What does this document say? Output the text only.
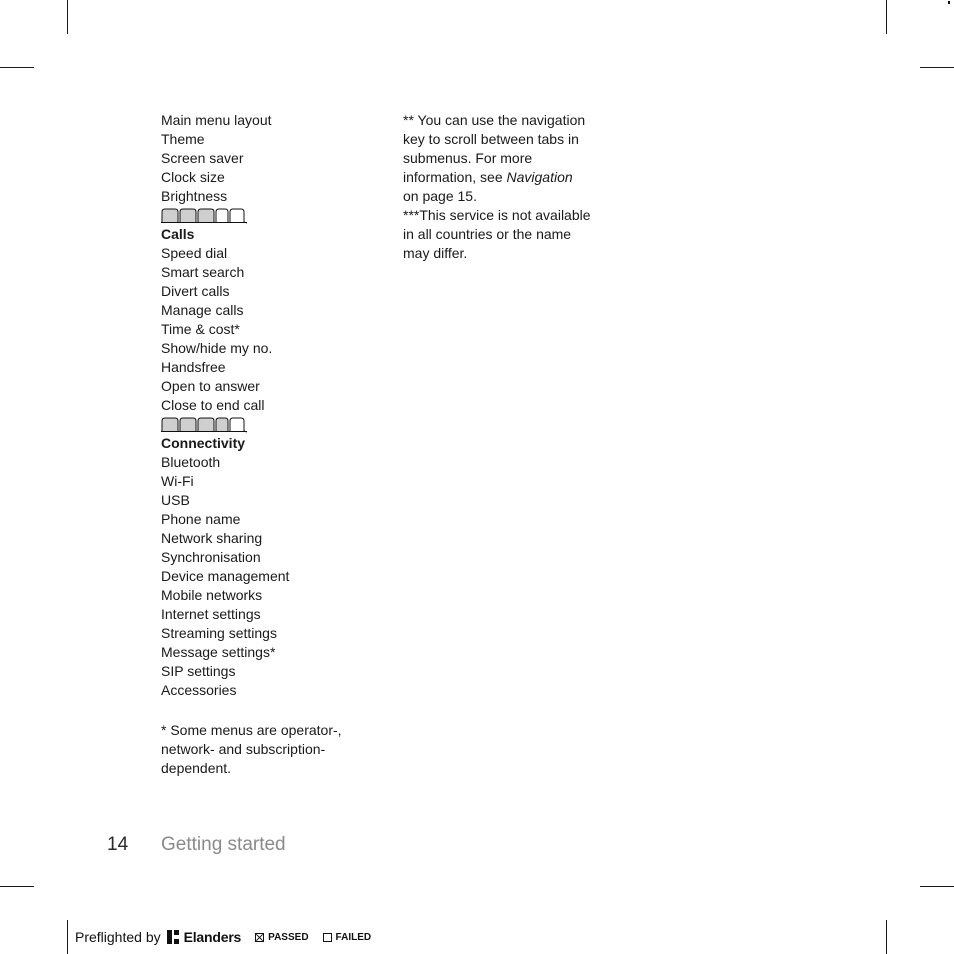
Main menu layout
Theme
Screen saver
Clock size
Brightness
Calls
Speed dial
Smart search
Divert calls
Manage calls
Time & cost*
Show/hide my no.
Handsfree
Open to answer
Close to end call
Connectivity
Bluetooth
Wi-Fi
USB
Phone name
Network sharing
Synchronisation
Device management
Mobile networks
Internet settings
Streaming settings
Message settings*
SIP settings
Accessories
* Some menus are operator-,
network- and subscription-
dependent.
** You can use the navigation
key to scroll between tabs in
submenus. For more
information, see Navigation
on page 15.
***This service is not available
in all countries or the name
may differ.
14 Getting started
Preflighted by Elanders	PASSED	FAILED
